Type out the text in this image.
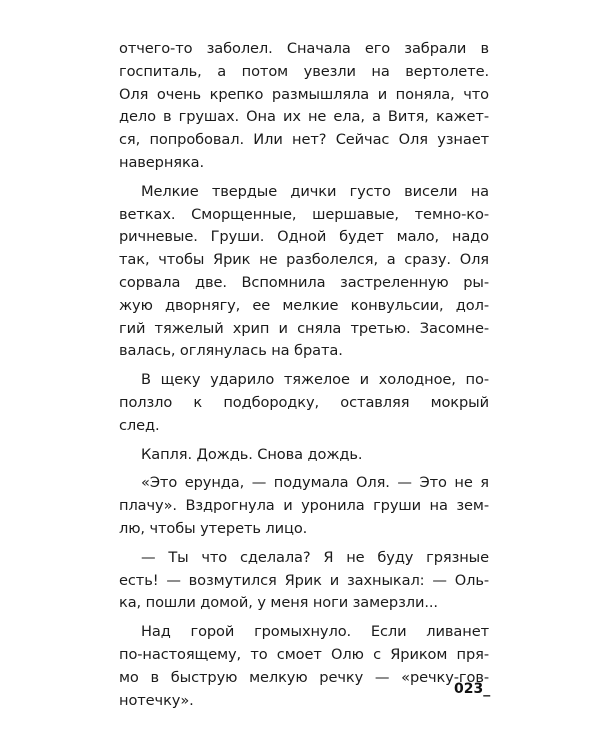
отчего-то заболел. Сначала его забрали в
госпиталь, а потом увезли на вертолете.
Оля очень крепко размышляла и поняла, что
дело в грушах. Она их не ела, а Витя, кажет-
ся, попробовал. Или нет? Сейчас Оля узнает
наверняка.
Мелкие твердые дички густо висели на
ветках. Сморщенные, шершавые, темно-ко-
ричневые. Груши. Одной будет мало, надо
так, чтобы Ярик не разболелся, а сразу. Оля
сорвала две. Вспомнила застреленную ры-
жую дворнягу, ее мелкие конвульсии, дол-
гий тяжелый хрип и сняла третью. Засомне-
валась, оглянулась на брата.
В щеку ударило тяжелое и холодное, по-
ползло к подбородку, оставляя мокрый
след.
Капля. Дождь. Снова дождь.
«Это ерунда, — подумала Оля. — Это не я
плачу». Вздрогнула и уронила груши на зем-
лю, чтобы утереть лицо.
— Ты что сделала? Я не буду грязные
есть! — возмутился Ярик и захныкал: — Оль-
ка, пошли домой, у меня ноги замерзли...
Над горой громыхнуло. Если ливанет
по-настоящему, то смоет Олю с Яриком пря-
мо в быструю мелкую речку — «речку-гов-
нотечку».
023_
